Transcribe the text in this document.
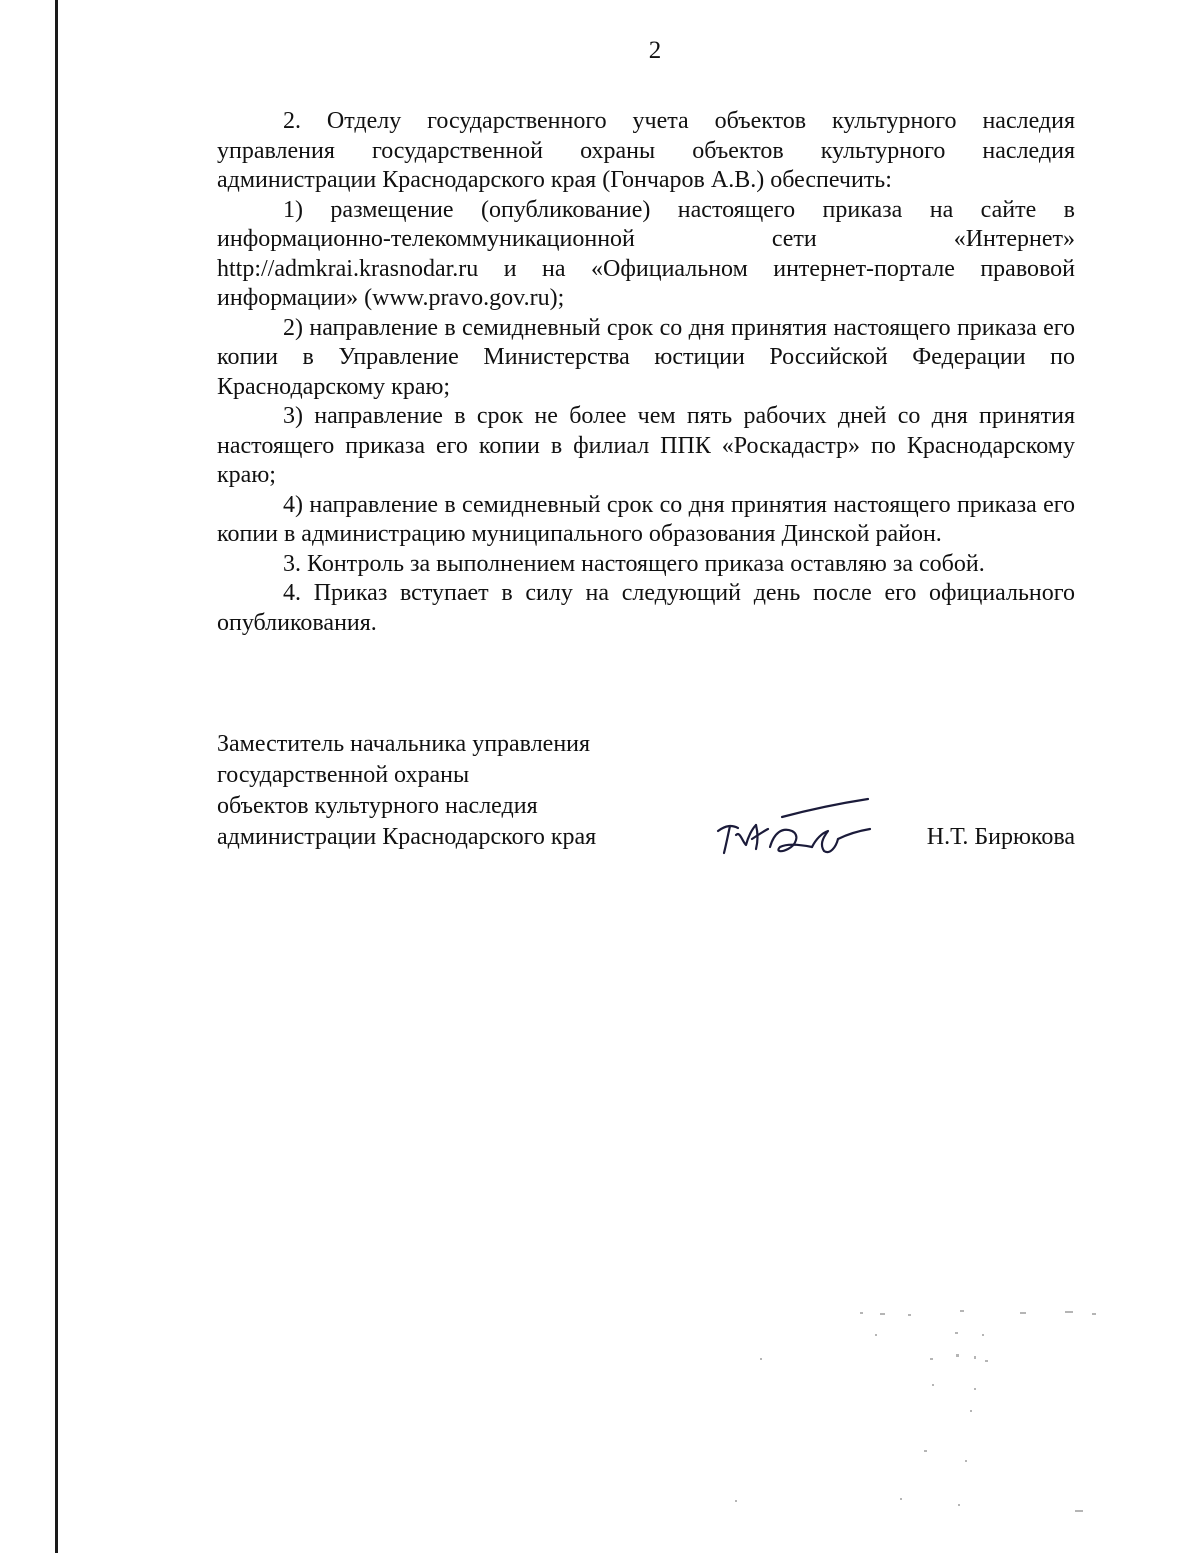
2

2. Отделу государственного учета объектов культурного наследия управления государственной охраны объектов культурного наследия администрации Краснодарского края (Гончаров А.В.) обеспечить:

1) размещение (опубликование) настоящего приказа на сайте в информационно-телекоммуникационной сети «Интернет» http://admkrai.krasnodar.ru и на «Официальном интернет-портале правовой информации» (www.pravo.gov.ru);

2) направление в семидневный срок со дня принятия настоящего приказа его копии в Управление Министерства юстиции Российской Федерации по Краснодарскому краю;

3) направление в срок не более чем пять рабочих дней со дня принятия настоящего приказа его копии в филиал ППК «Роскадастр» по Краснодарскому краю;

4) направление в семидневный срок со дня принятия настоящего приказа его копии в администрацию муниципального образования Динской район.

3. Контроль за выполнением настоящего приказа оставляю за собой.

4. Приказ вступает в силу на следующий день после его официального опубликования.

Заместитель начальника управления
государственной охраны
объектов культурного наследия
администрации Краснодарского края	Н.Т. Бирюкова
